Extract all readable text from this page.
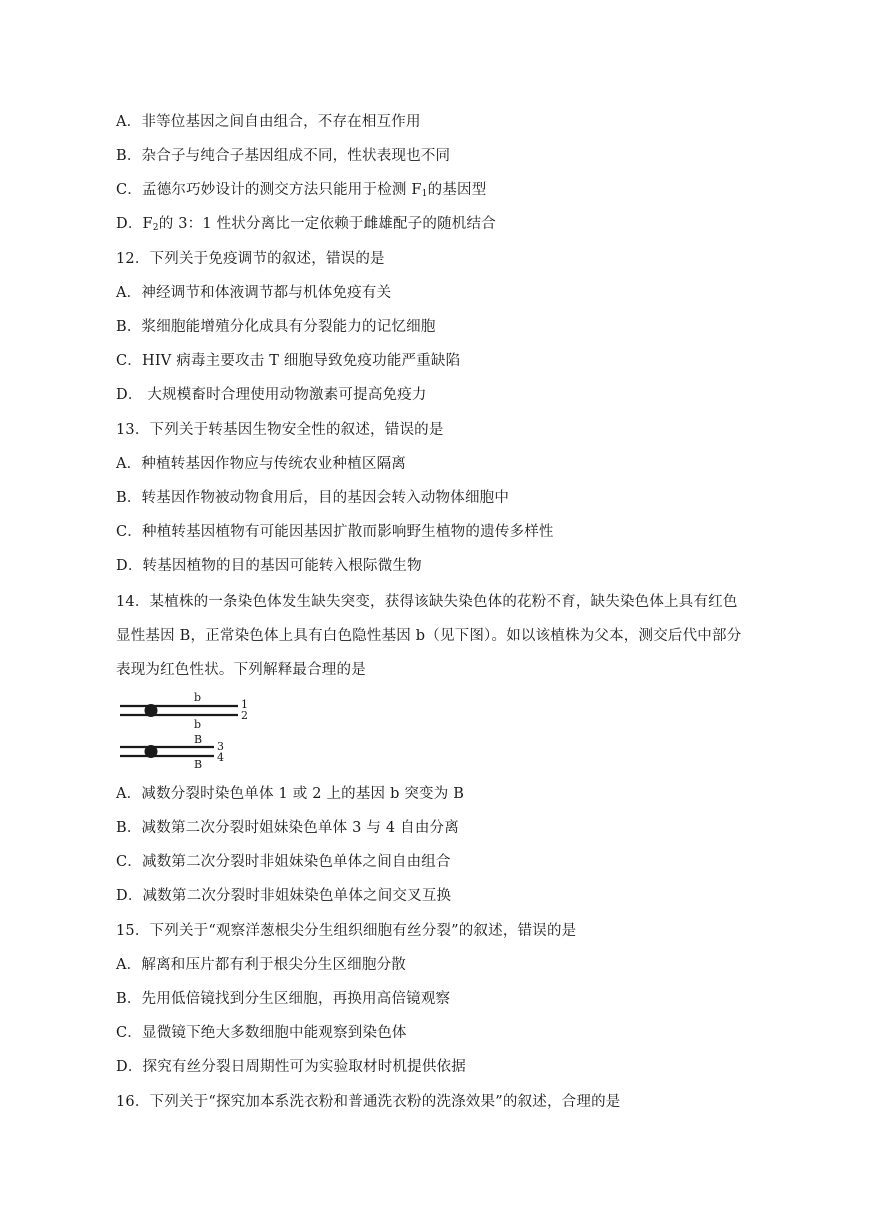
A．非等位基因之间自由组合，不存在相互作用
B．杂合子与纯合子基因组成不同，性状表现也不同
C．孟德尔巧妙设计的测交方法只能用于检测 $F_1$的基因型
D．$F_2$的 3：1 性状分离比一定依赖于雌雄配子的随机结合
12．下列关于免疫调节的叙述，错误的是
A．神经调节和体液调节都与机体免疫有关
B．浆细胞能增殖分化成具有分裂能力的记忆细胞
C．HIV 病毒主要攻击 T 细胞导致免疫功能严重缺陷
D． 大规模畜时合理使用动物激素可提高免疫力
13．下列关于转基因生物安全性的叙述，错误的是
A．种植转基因作物应与传统农业种植区隔离
B．转基因作物被动物食用后，目的基因会转入动物体细胞中
C．种植转基因植物有可能因基因扩散而影响野生植物的遗传多样性
D．转基因植物的目的基因可能转入根际微生物
14．某植株的一条染色体发生缺失突变，获得该缺失染色体的花粉不育，缺失染色体上具有红色
显性基因 B，正常染色体上具有白色隐性基因 b（见下图）。如以该植株为父本，测交后代中部分
表现为红色性状。下列解释最合理的是
b
b
1
2
B
B
3
4
A．减数分裂时染色单体 1 或 2 上的基因 b 突变为 B
B．减数第二次分裂时姐妹染色单体 3 与 4 自由分离
C．减数第二次分裂时非姐妹染色单体之间自由组合
D．减数第二次分裂时非姐妹染色单体之间交叉互换
15．下列关于“观察洋葱根尖分生组织细胞有丝分裂”的叙述，错误的是
A．解离和压片都有利于根尖分生区细胞分散
B．先用低倍镜找到分生区细胞，再换用高倍镜观察
C．显微镜下绝大多数细胞中能观察到染色体
D．探究有丝分裂日周期性可为实验取材时机提供依据
16．下列关于“探究加本系洗衣粉和普通洗衣粉的洗涤效果”的叙述，合理的是
